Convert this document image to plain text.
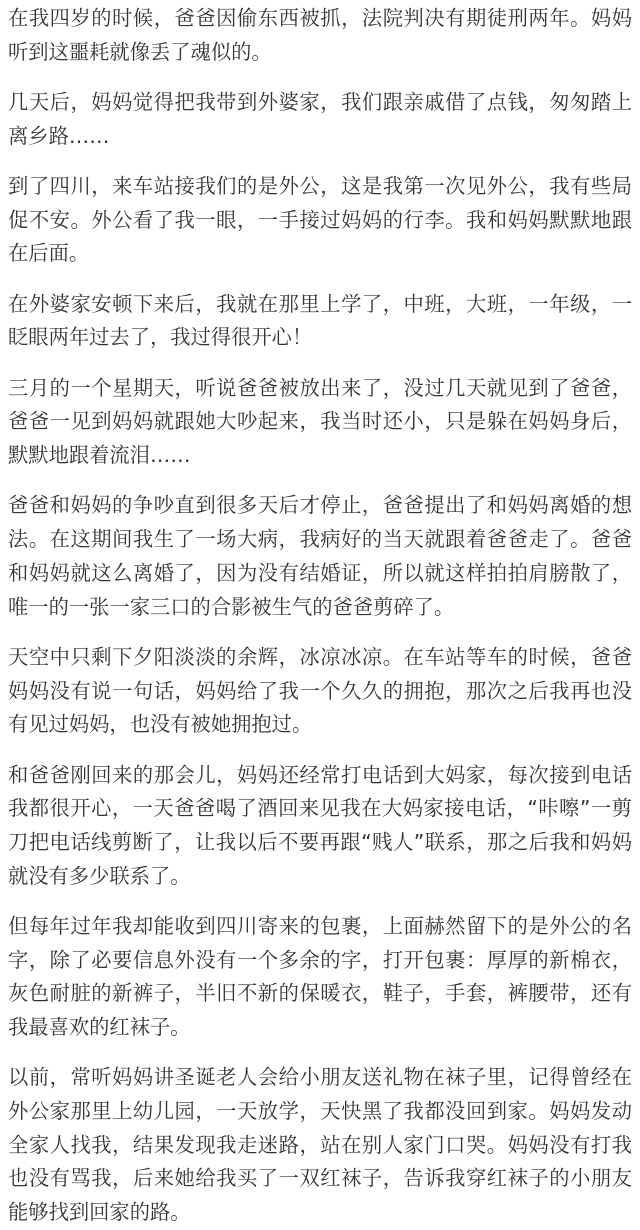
在我四岁的时候，爸爸因偷东西被抓，法院判决有期徒刑两年。妈妈听到这噩耗就像丢了魂似的。

几天后，妈妈觉得把我带到外婆家，我们跟亲戚借了点钱，匆匆踏上离乡路……

到了四川，来车站接我们的是外公，这是我第一次见外公，我有些局促不安。外公看了我一眼，一手接过妈妈的行李。我和妈妈默默地跟在后面。

在外婆家安顿下来后，我就在那里上学了，中班，大班，一年级，一眨眼两年过去了，我过得很开心！

三月的一个星期天，听说爸爸被放出来了，没过几天就见到了爸爸，爸爸一见到妈妈就跟她大吵起来，我当时还小，只是躲在妈妈身后，默默地跟着流泪……

爸爸和妈妈的争吵直到很多天后才停止，爸爸提出了和妈妈离婚的想法。在这期间我生了一场大病，我病好的当天就跟着爸爸走了。爸爸和妈妈就这么离婚了，因为没有结婚证，所以就这样拍拍肩膀散了，唯一的一张一家三口的合影被生气的爸爸剪碎了。

天空中只剩下夕阳淡淡的余辉，冰凉冰凉。在车站等车的时候，爸爸妈妈没有说一句话，妈妈给了我一个久久的拥抱，那次之后我再也没有见过妈妈，也没有被她拥抱过。

和爸爸刚回来的那会儿，妈妈还经常打电话到大妈家，每次接到电话我都很开心，一天爸爸喝了酒回来见我在大妈家接电话，“咔嚓”一剪刀把电话线剪断了，让我以后不要再跟“贱人”联系，那之后我和妈妈就没有多少联系了。

但每年过年我却能收到四川寄来的包裹，上面赫然留下的是外公的名字，除了必要信息外没有一个多余的字，打开包裹：厚厚的新棉衣，灰色耐脏的新裤子，半旧不新的保暖衣，鞋子，手套，裤腰带，还有我最喜欢的红袜子。

以前，常听妈妈讲圣诞老人会给小朋友送礼物在袜子里，记得曾经在外公家那里上幼儿园，一天放学，天快黑了我都没回到家。妈妈发动全家人找我，结果发现我走迷路，站在别人家门口哭。妈妈没有打我也没有骂我，后来她给我买了一双红袜子，告诉我穿红袜子的小朋友能够找到回家的路。
